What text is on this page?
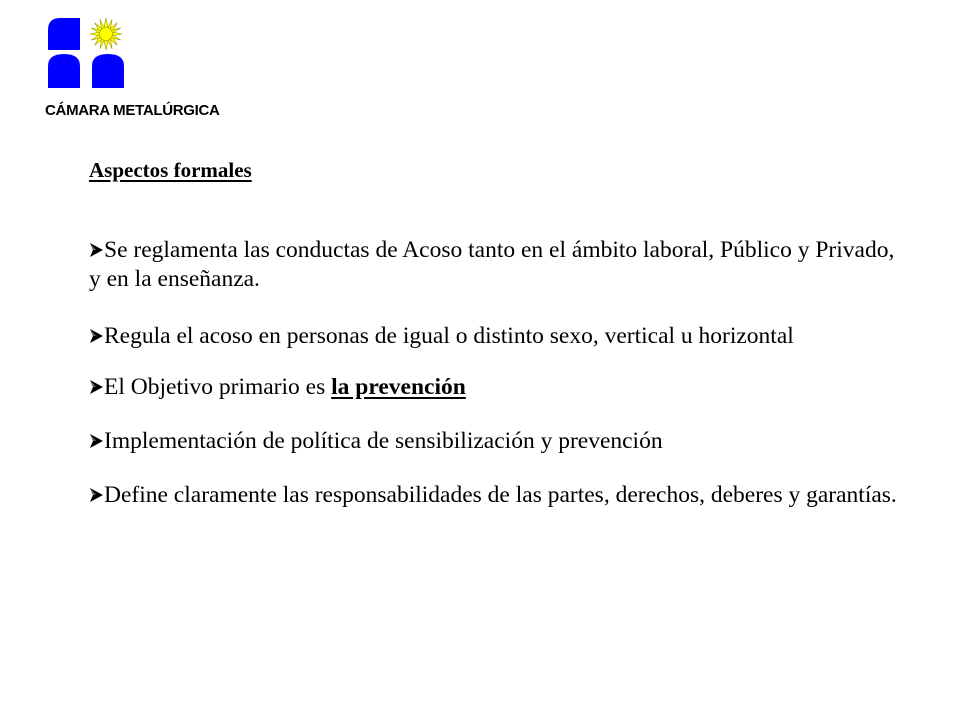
CÁMARA METALÚRGICA
Aspectos formales
Se reglamenta las conductas de Acoso tanto en el ámbito laboral, Público y Privado, y en la enseñanza.
Regula el acoso en personas de igual o distinto sexo, vertical u horizontal
El Objetivo primario es la prevención
Implementación de política de sensibilización y prevención
Define claramente las responsabilidades de las partes, derechos, deberes y garantías.
